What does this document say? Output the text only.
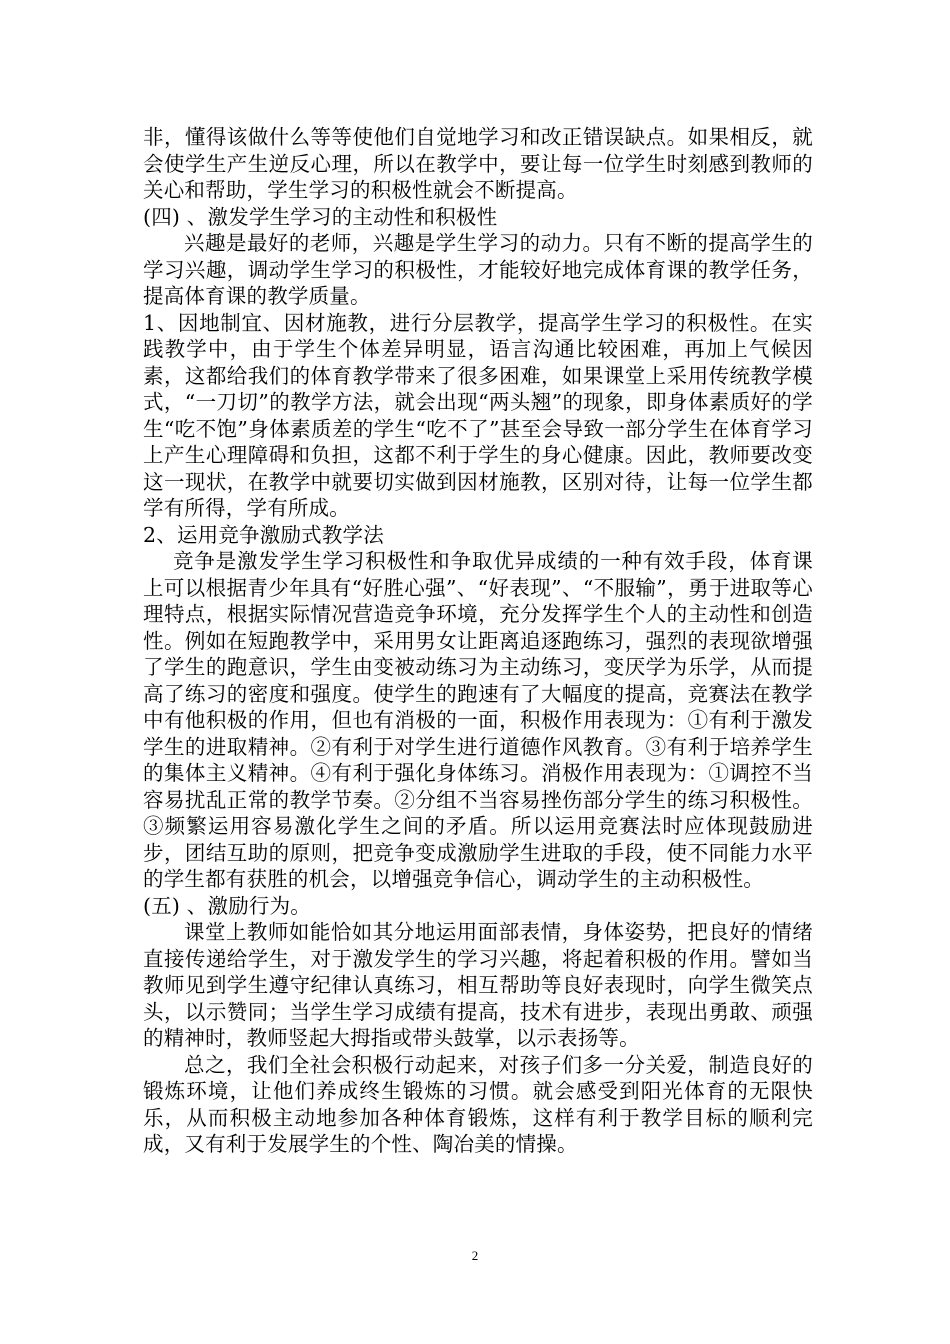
非，懂得该做什么等等使他们自觉地学习和改正错误缺点。如果相反，就会使学生产生逆反心理，所以在教学中，要让每一位学生时刻感到教师的关心和帮助，学生学习的积极性就会不断提高。

(四) 、激发学生学习的主动性和积极性

兴趣是最好的老师，兴趣是学生学习的动力。只有不断的提高学生的学习兴趣，调动学生学习的积极性，才能较好地完成体育课的教学任务，提高体育课的教学质量。

1、因地制宜、因材施教，进行分层教学，提高学生学习的积极性。在实践教学中，由于学生个体差异明显，语言沟通比较困难，再加上气候因素，这都给我们的体育教学带来了很多困难，如果课堂上采用传统教学模式，“一刀切”的教学方法，就会出现“两头翘”的现象，即身体素质好的学生“吃不饱”身体素质差的学生“吃不了”甚至会导致一部分学生在体育学习上产生心理障碍和负担，这都不利于学生的身心健康。因此，教师要改变这一现状，在教学中就要切实做到因材施教，区别对待，让每一位学生都学有所得，学有所成。

2、运用竞争激励式教学法

竞争是激发学生学习积极性和争取优异成绩的一种有效手段，体育课上可以根据青少年具有“好胜心强”、“好表现”、“不服输”，勇于进取等心理特点，根据实际情况营造竞争环境，充分发挥学生个人的主动性和创造性。例如在短跑教学中，采用男女让距离追逐跑练习，强烈的表现欲增强了学生的跑意识，学生由变被动练习为主动练习，变厌学为乐学，从而提高了练习的密度和强度。使学生的跑速有了大幅度的提高，竞赛法在教学中有他积极的作用，但也有消极的一面，积极作用表现为：①有利于激发学生的进取精神。②有利于对学生进行道德作风教育。③有利于培养学生的集体主义精神。④有利于强化身体练习。消极作用表现为：①调控不当容易扰乱正常的教学节奏。②分组不当容易挫伤部分学生的练习积极性。③频繁运用容易激化学生之间的矛盾。所以运用竞赛法时应体现鼓励进步，团结互助的原则，把竞争变成激励学生进取的手段，使不同能力水平的学生都有获胜的机会，以增强竞争信心，调动学生的主动积极性。

(五) 、激励行为。

课堂上教师如能恰如其分地运用面部表情，身体姿势，把良好的情绪直接传递给学生，对于激发学生的学习兴趣，将起着积极的作用。譬如当教师见到学生遵守纪律认真练习，相互帮助等良好表现时，向学生微笑点头，以示赞同；当学生学习成绩有提高，技术有进步，表现出勇敢、顽强的精神时，教师竖起大拇指或带头鼓掌，以示表扬等。

总之，我们全社会积极行动起来，对孩子们多一分关爱，制造良好的锻炼环境，让他们养成终生锻炼的习惯。就会感受到阳光体育的无限快乐，从而积极主动地参加各种体育锻炼，这样有利于教学目标的顺利完成，又有利于发展学生的个性、陶冶美的情操。

2
